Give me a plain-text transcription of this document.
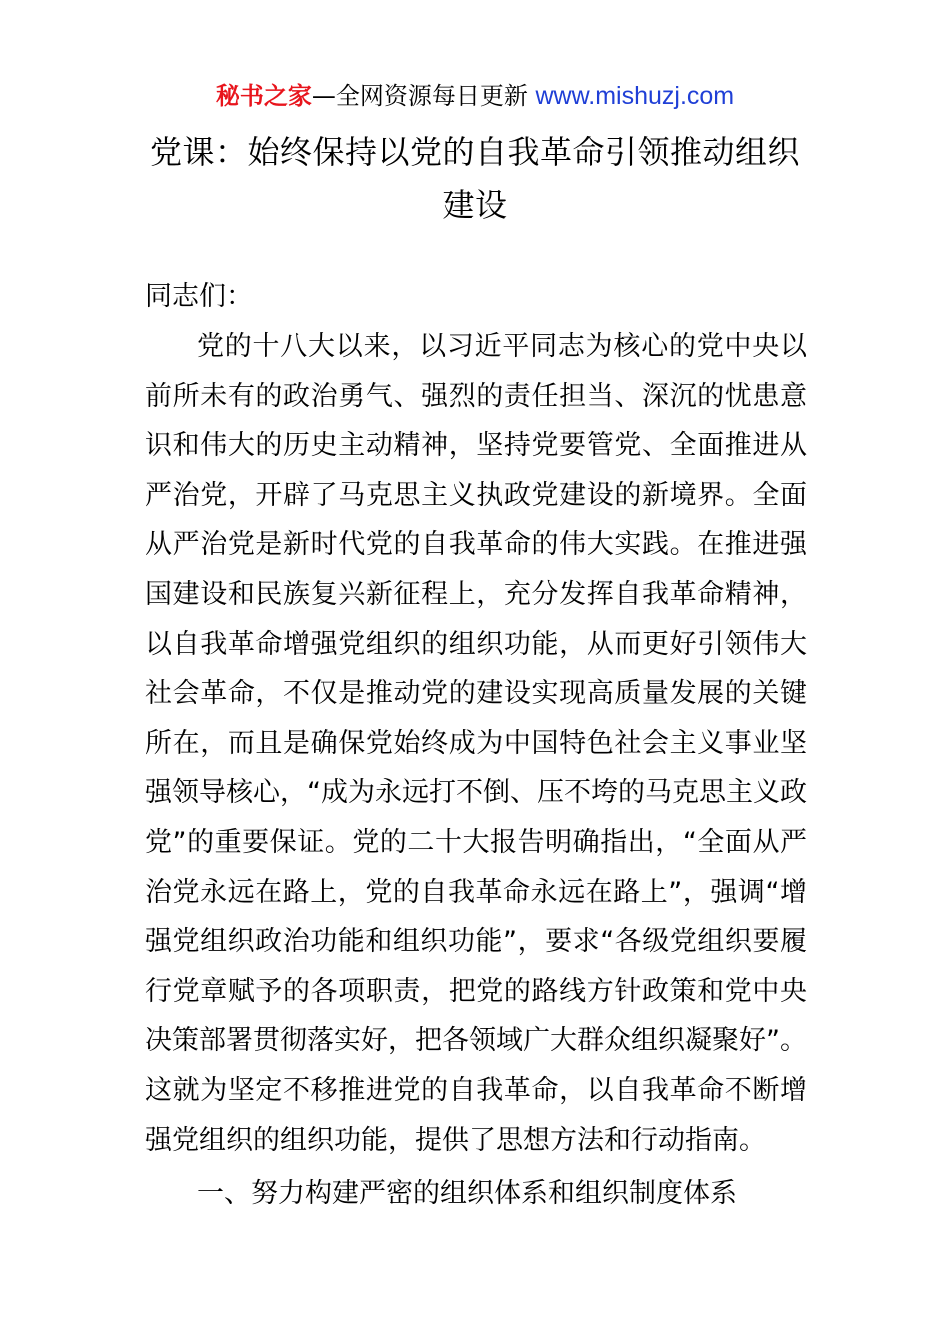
秘书之家—全网资源每日更新 www.mishuzj.com
党课：始终保持以党的自我革命引领推动组织建设
同志们：
党的十八大以来，以习近平同志为核心的党中央以前所未有的政治勇气、强烈的责任担当、深沉的忧患意识和伟大的历史主动精神，坚持党要管党、全面推进从严治党，开辟了马克思主义执政党建设的新境界。全面从严治党是新时代党的自我革命的伟大实践。在推进强国建设和民族复兴新征程上，充分发挥自我革命精神，以自我革命增强党组织的组织功能，从而更好引领伟大社会革命，不仅是推动党的建设实现高质量发展的关键所在，而且是确保党始终成为中国特色社会主义事业坚强领导核心，“成为永远打不倒、压不垮的马克思主义政党”的重要保证。党的二十大报告明确指出，“全面从严治党永远在路上，党的自我革命永远在路上”，强调“增强党组织政治功能和组织功能”，要求“各级党组织要履行党章赋予的各项职责，把党的路线方针政策和党中央决策部署贯彻落实好，把各领域广大群众组织凝聚好”。这就为坚定不移推进党的自我革命，以自我革命不断增强党组织的组织功能，提供了思想方法和行动指南。
一、努力构建严密的组织体系和组织制度体系
